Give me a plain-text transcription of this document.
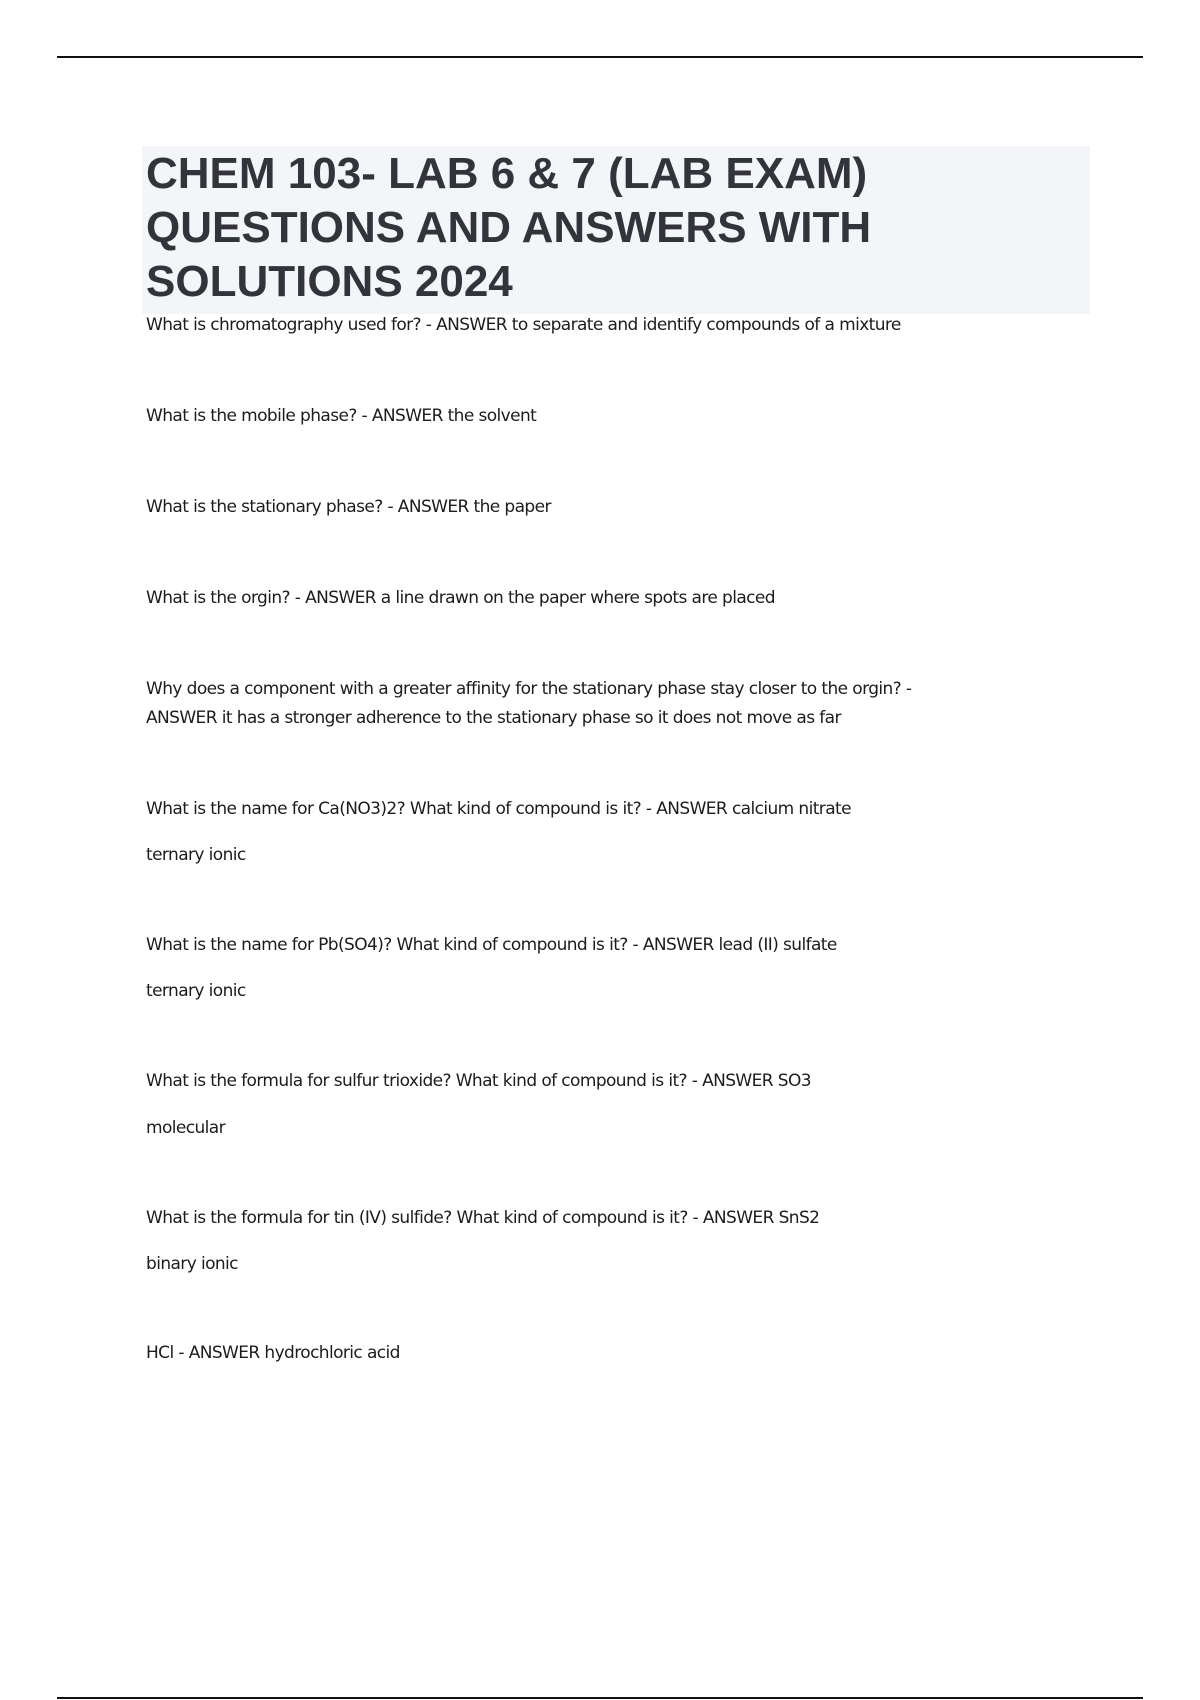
CHEM 103- LAB 6 & 7 (LAB EXAM) QUESTIONS AND ANSWERS WITH SOLUTIONS 2024

What is chromatography used for? - ANSWER to separate and identify compounds of a mixture

What is the mobile phase? - ANSWER the solvent

What is the stationary phase? - ANSWER the paper

What is the orgin? - ANSWER a line drawn on the paper where spots are placed

Why does a component with a greater affinity for the stationary phase stay closer to the orgin? - ANSWER it has a stronger adherence to the stationary phase so it does not move as far

What is the name for Ca(NO3)2? What kind of compound is it? - ANSWER calcium nitrate

ternary ionic

What is the name for Pb(SO4)? What kind of compound is it? - ANSWER lead (II) sulfate

ternary ionic

What is the formula for sulfur trioxide? What kind of compound is it? - ANSWER SO3

molecular

What is the formula for tin (IV) sulfide? What kind of compound is it? - ANSWER SnS2

binary ionic

HCl - ANSWER hydrochloric acid
